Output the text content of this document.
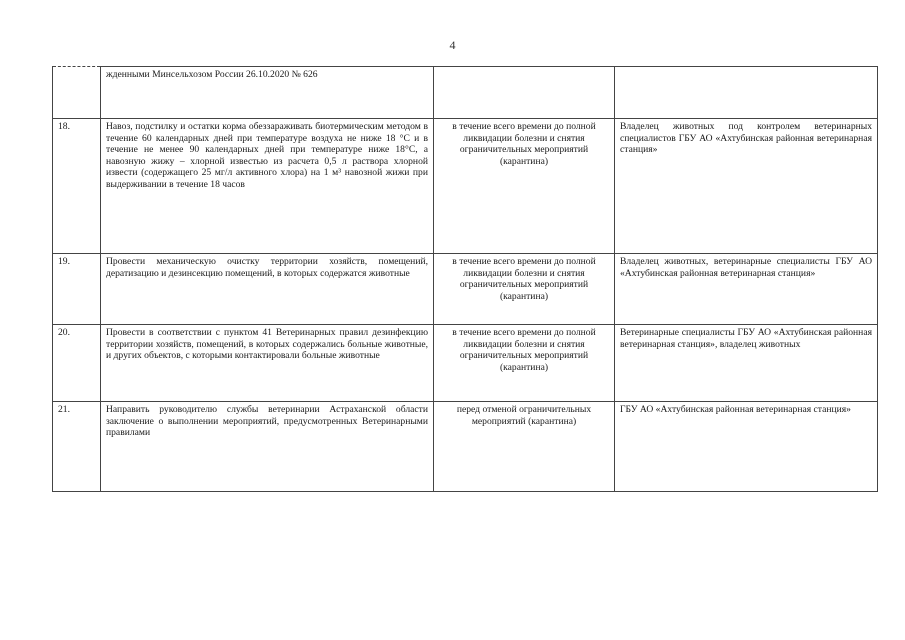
4
	жденными Минсельхозом России 26.10.2020 № 626		
18.	Навоз, подстилку и остатки корма обеззараживать биотермическим методом в течение 60 календарных дней при температуре воздуха не ниже 18 °С и в течение не менее 90 календарных дней при температуре ниже 18°С, а навозную жижу – хлорной известью из расчета 0,5 л раствора хлорной извести (содержащего 25 мг/л активного хлора) на 1 м³ навозной жижи при выдерживании в течение 18 часов	в течение всего времени до полной ликвидации болезни и снятия ограничительных мероприятий (карантина)	Владелец животных под контролем ветеринарных специалистов ГБУ АО «Ахтубинская районная ветеринарная станция»
19.	Провести механическую очистку территории хозяйств, помещений, дератизацию и дезинсекцию помещений, в которых содержатся животные	в течение всего времени до полной ликвидации болезни и снятия ограничительных мероприятий (карантина)	Владелец животных, ветеринарные специалисты ГБУ АО «Ахтубинская районная ветеринарная станция»
20.	Провести в соответствии с пунктом 41 Ветеринарных правил дезинфекцию территории хозяйств, помещений, в которых содержались больные животные, и других объектов, с которыми контактировали больные животные	в течение всего времени до полной ликвидации болезни и снятия ограничительных мероприятий (карантина)	Ветеринарные специалисты ГБУ АО «Ахтубинская районная ветеринарная станция», владелец животных
21.	Направить руководителю службы ветеринарии Астраханской области заключение о выполнении мероприятий, предусмотренных Ветеринарными правилами	перед отменой ограничительных мероприятий (карантина)	ГБУ АО «Ахтубинская районная ветеринарная станция»
